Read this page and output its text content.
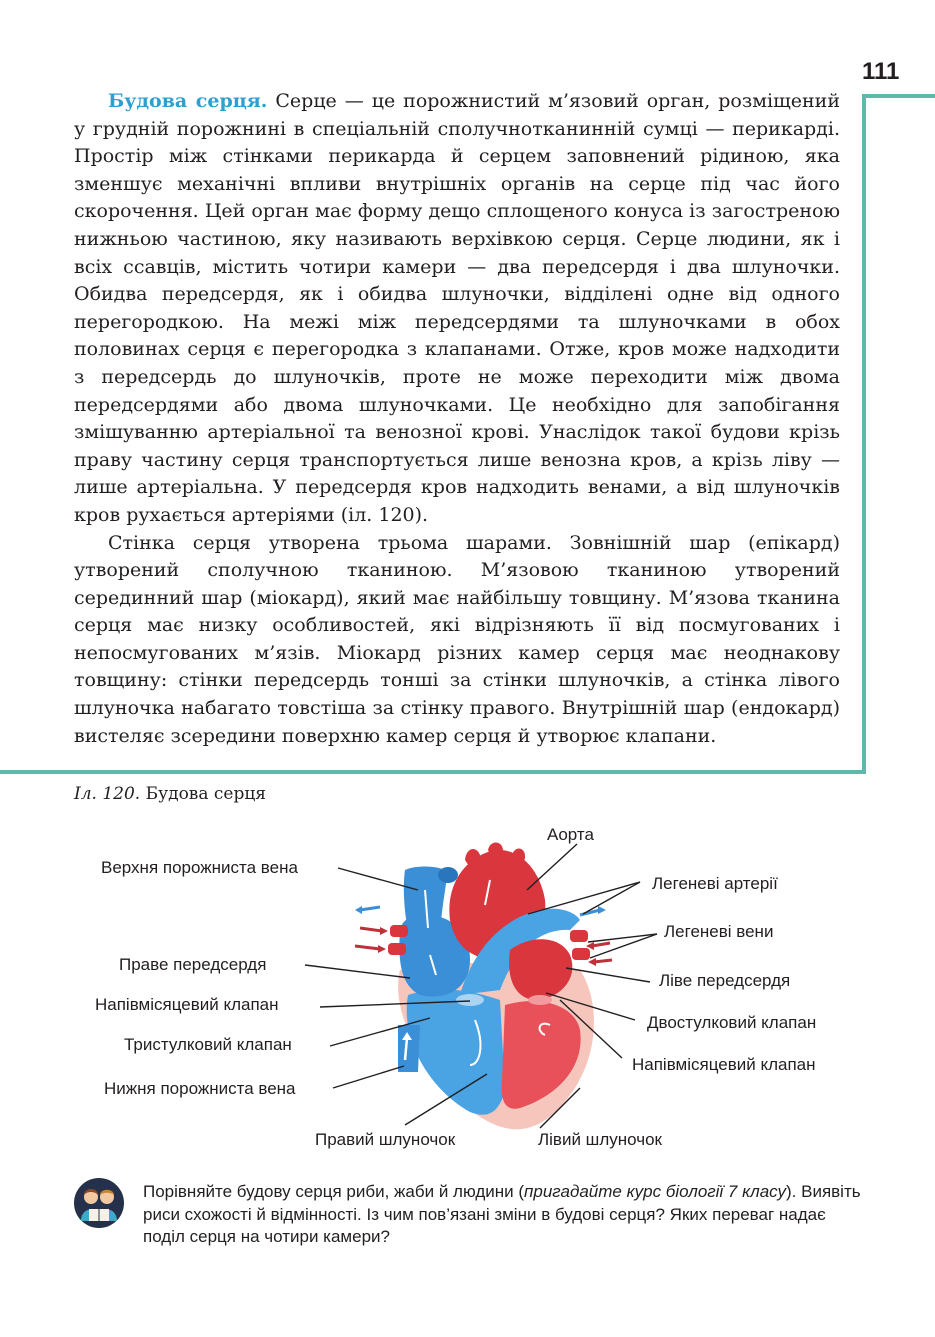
111

Будова серця. Серце — це порожнистий м’язовий орган, розміщений у грудній порожнині в спеціальній сполучнотканинній сумці — перикарді. Простір між стінками перикарда й серцем заповнений рідиною, яка зменшує механічні впливи внутрішніх органів на серце під час його скорочення. Цей орган має форму дещо сплощеного конуса із загостреною нижньою частиною, яку називають верхівкою серця. Серце людини, як і всіх ссавців, містить чотири камери — два передсердя і два шлуночки. Обидва передсердя, як і обидва шлуночки, відділені одне від одного перегородкою. На межі між передсердями та шлуночками в обох половинах серця є перегородка з клапанами. Отже, кров може надходити з передсердь до шлуночків, проте не може переходити між двома передсердями або двома шлуночками. Це необхідно для запобігання змішуванню артеріальної та венозної крові. Унаслідок такої будови крізь праву частину серця транспортується лише венозна кров, а крізь ліву — лише артеріальна. У передсердя кров надходить венами, а від шлуночків кров рухається артеріями (іл. 120).

Стінка серця утворена трьома шарами. Зовнішній шар (епікард) утворений сполучною тканиною. М’язовою тканиною утворений серединний шар (міокард), який має найбільшу товщину. М’язова тканина серця має низку особливостей, які відрізняють її від посмугованих і непосмугованих м’язів. Міокард різних камер серця має неоднакову товщину: стінки передсердь тонші за стінки шлуночків, а стінка лівого шлуночка набагато товстіша за стінку правого. Внутрішній шар (ендокард) вистеляє зсередини поверхню камер серця й утворює клапани.

Іл. 120. Будова серця
Аорта
Верхня порожниста вена
Легеневі артерії
Легеневі вени
Праве передсердя
Ліве передсердя
Напівмісяцевий клапан
Двостулковий клапан
Тристулковий клапан
Напівмісяцевий клапан
Нижня порожниста вена
Правий шлуночок	Лівий шлуночок
Порівняйте будову серця риби, жаби й людини (пригадайте курс біології 7 класу). Виявіть риси схожості й відмінності. Із чим пов’язані зміни в будові серця? Яких переваг надає поділ серця на чотири камери?
